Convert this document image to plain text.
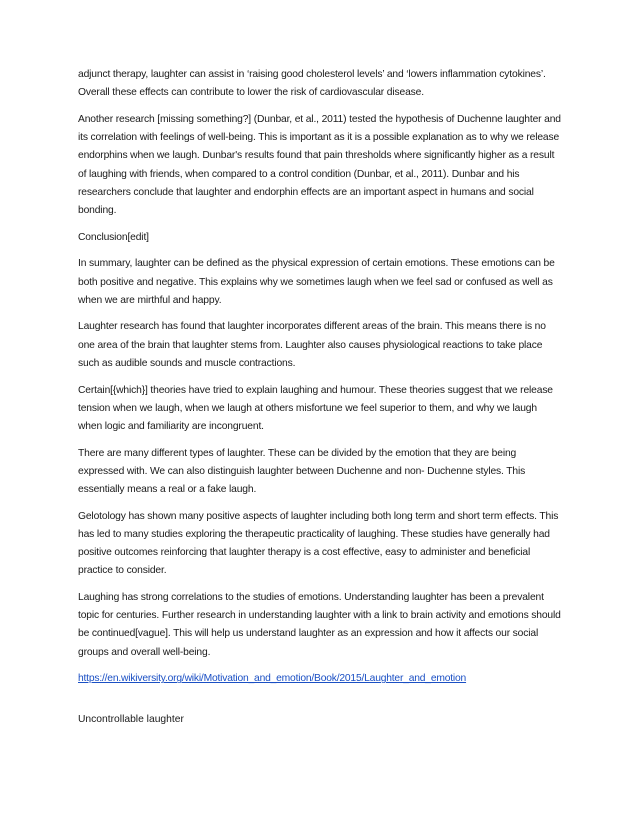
adjunct therapy, laughter can assist in ‘raising good cholesterol levels’ and ‘lowers inflammation cytokines’. Overall these effects can contribute to lower the risk of cardiovascular disease.

Another research [missing something?] (Dunbar, et al., 2011) tested the hypothesis of Duchenne laughter and its correlation with feelings of well-being. This is important as it is a possible explanation as to why we release endorphins when we laugh. Dunbar's results found that pain thresholds where significantly higher as a result of laughing with friends, when compared to a control condition (Dunbar, et al., 2011). Dunbar and his researchers conclude that laughter and endorphin effects are an important aspect in humans and social bonding.

Conclusion[edit]

In summary, laughter can be defined as the physical expression of certain emotions. These emotions can be both positive and negative. This explains why we sometimes laugh when we feel sad or confused as well as when we are mirthful and happy.

Laughter research has found that laughter incorporates different areas of the brain. This means there is no one area of the brain that laughter stems from. Laughter also causes physiological reactions to take place such as audible sounds and muscle contractions.

Certain[{which}] theories have tried to explain laughing and humour. These theories suggest that we release tension when we laugh, when we laugh at others misfortune we feel superior to them, and why we laugh when logic and familiarity are incongruent.

There are many different types of laughter. These can be divided by the emotion that they are being expressed with. We can also distinguish laughter between Duchenne and non- Duchenne styles. This essentially means a real or a fake laugh.

Gelotology has shown many positive aspects of laughter including both long term and short term effects. This has led to many studies exploring the therapeutic practicality of laughing. These studies have generally had positive outcomes reinforcing that laughter therapy is a cost effective, easy to administer and beneficial practice to consider.

Laughing has strong correlations to the studies of emotions. Understanding laughter has been a prevalent topic for centuries. Further research in understanding laughter with a link to brain activity and emotions should be continued[vague]. This will help us understand laughter as an expression and how it affects our social groups and overall well-being.

https://en.wikiversity.org/wiki/Motivation_and_emotion/Book/2015/Laughter_and_emotion

Uncontrollable laughter
